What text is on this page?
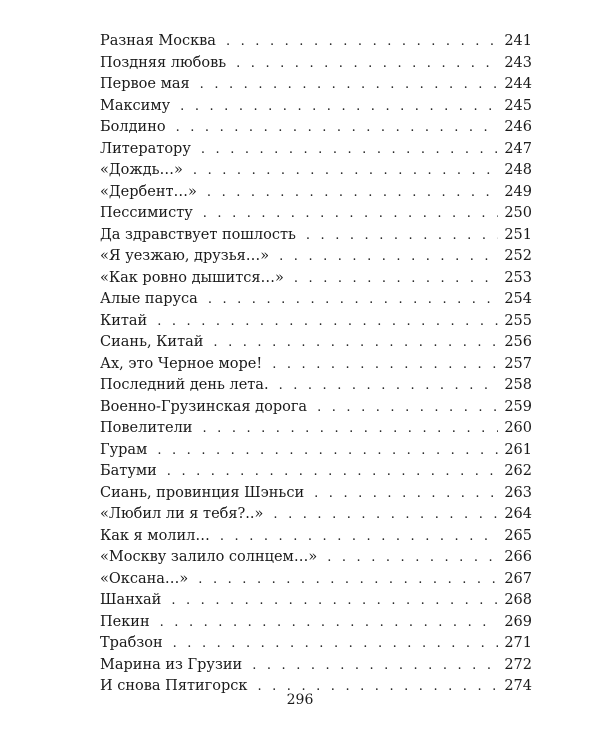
Разная Москва . . .	241
Поздняя любовь . . .	243
Первое мая . . .	244
Максиму . . .	245
Болдино . . .	246
Литератору . . .	247
«Дождь…» . . .	248
«Дербент…» . . .	249
Пессимисту . . .	250
Да здравствует пошлость . . .	251
«Я уезжаю, друзья…» . . .	252
«Как ровно дышится…» . . .	253
Алые паруса . . .	254
Китай . . .	255
Сиань, Китай . . .	256
Ах, это Черное море! . . .	257
Последний день лета. . . .	258
Военно-Грузинская дорога . . .	259
Повелители . . .	260
Гурам . . .	261
Батуми . . .	262
Сиань, провинция Шэньси . . .	263
«Любил ли я тебя?..» . . .	264
Как я молил… . . .	265
«Москву залило солнцем…» . . .	266
«Оксана…» . . .	267
Шанхай . . .	268
Пекин . . .	269
Трабзон . . .	271
Марина из Грузии . . .	272
И снова Пятигорск . . .	274
296
